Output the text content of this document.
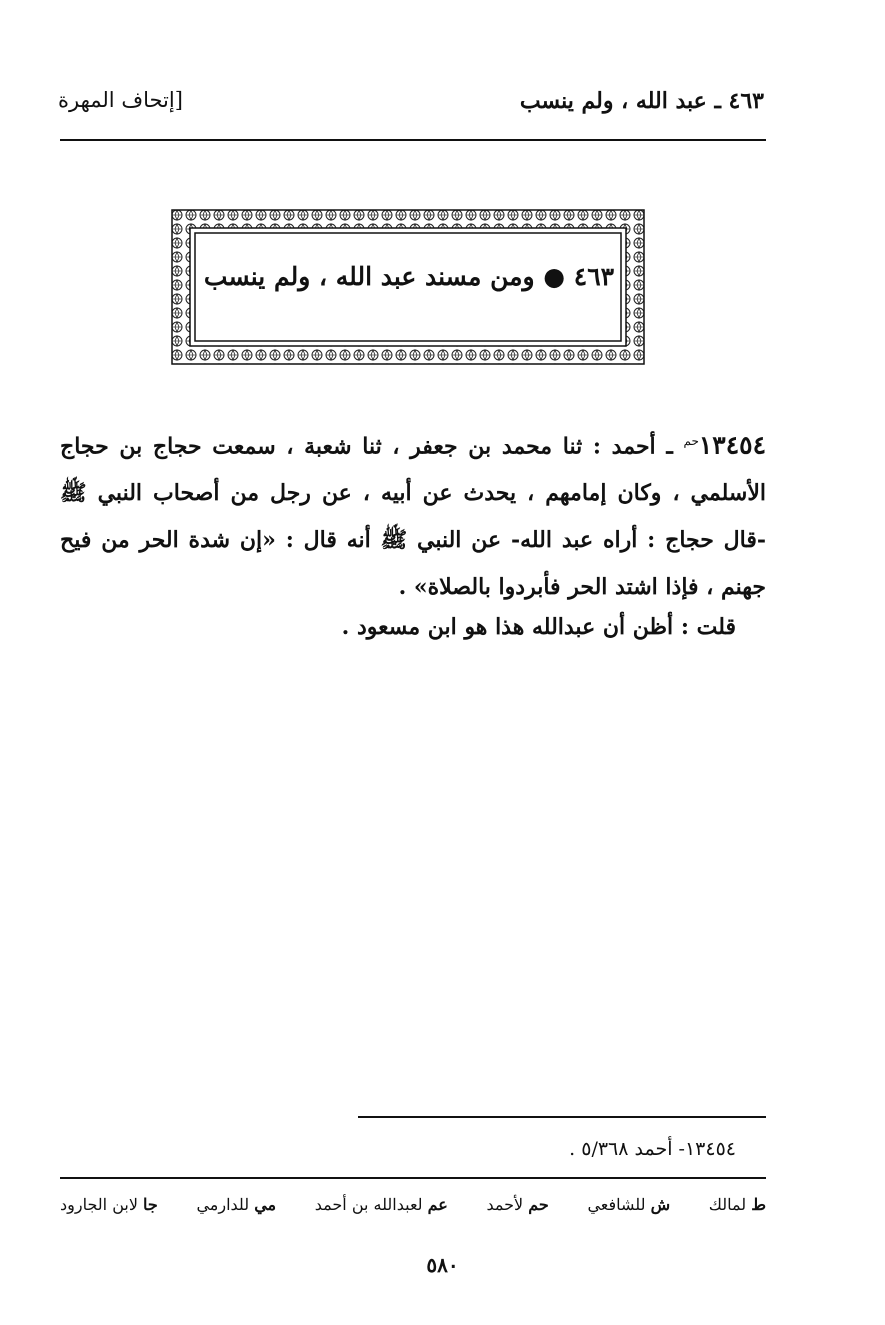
٤٦٣ ـ عبد الله ، ولم ينسب
[إتحاف المهرة
٤٦٣ ● ومن مسند عبد الله ، ولم ينسب
$١٣٤٥٤^{حم}$ ـ أحمد : ثنا محمد بن جعفر ، ثنا شعبة ، سمعت حجاج بن حجاج الأسلمي ، وكان إمامهم ، يحدث عن أبيه ، عن رجل من أصحاب النبي ﷺ -قال حجاج : أراه عبد الله- عن النبي ﷺ أنه قال : «إن شدة الحر من فيح جهنم ، فإذا اشتد الحر فأبردوا بالصلاة» .
قلت : أظن أن عبدالله هذا هو ابن مسعود .
١٣٤٥٤- أحمد ٥/٣٦٨ .
ط لمالك
ش للشافعي
حم لأحمد
عم لعبدالله بن أحمد
مي للدارمي
جا لابن الجارود
٥٨٠
